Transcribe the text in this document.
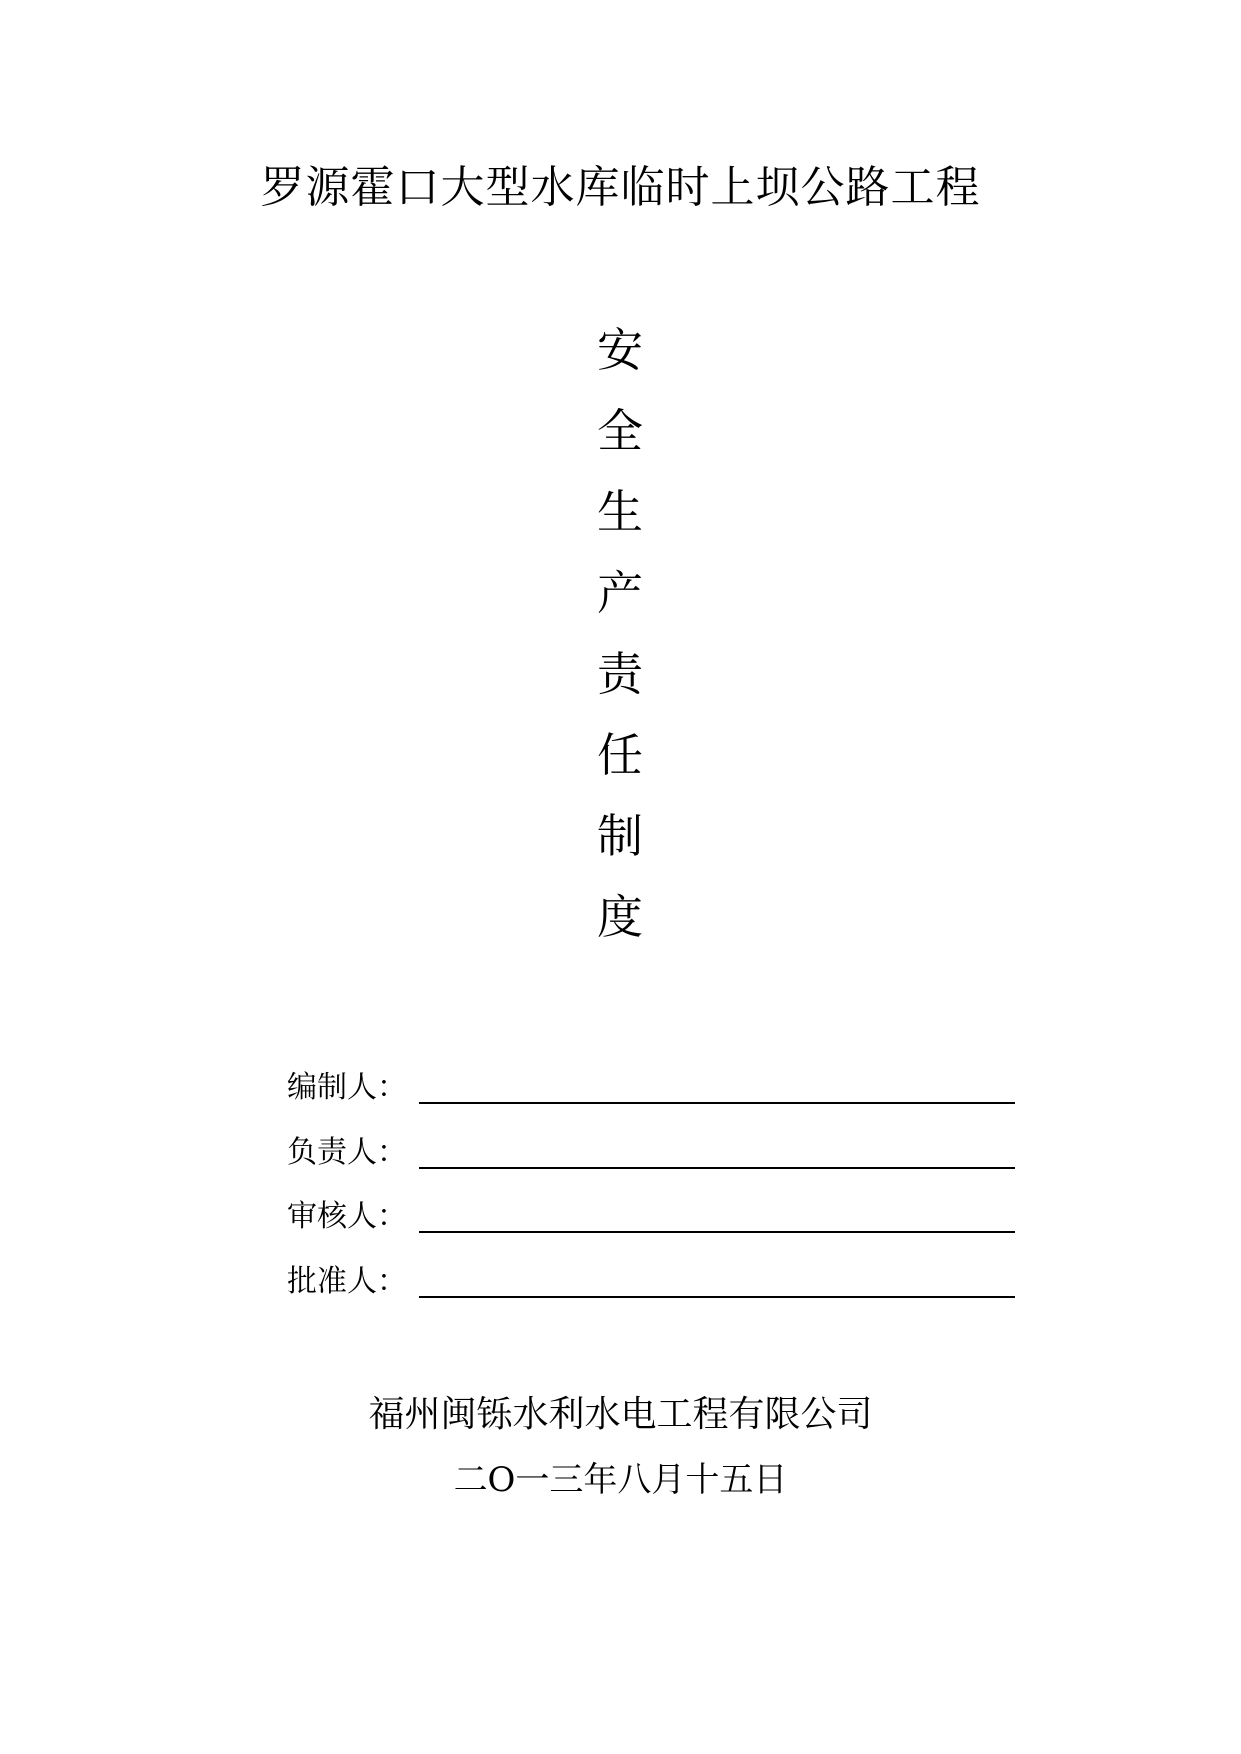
罗源霍口大型水库临时上坝公路工程
安
全
生
产
责
任
制
度
编制人：
负责人：
审核人：
批准人：
福州闽铄水利水电工程有限公司
二O一三年八月十五日
